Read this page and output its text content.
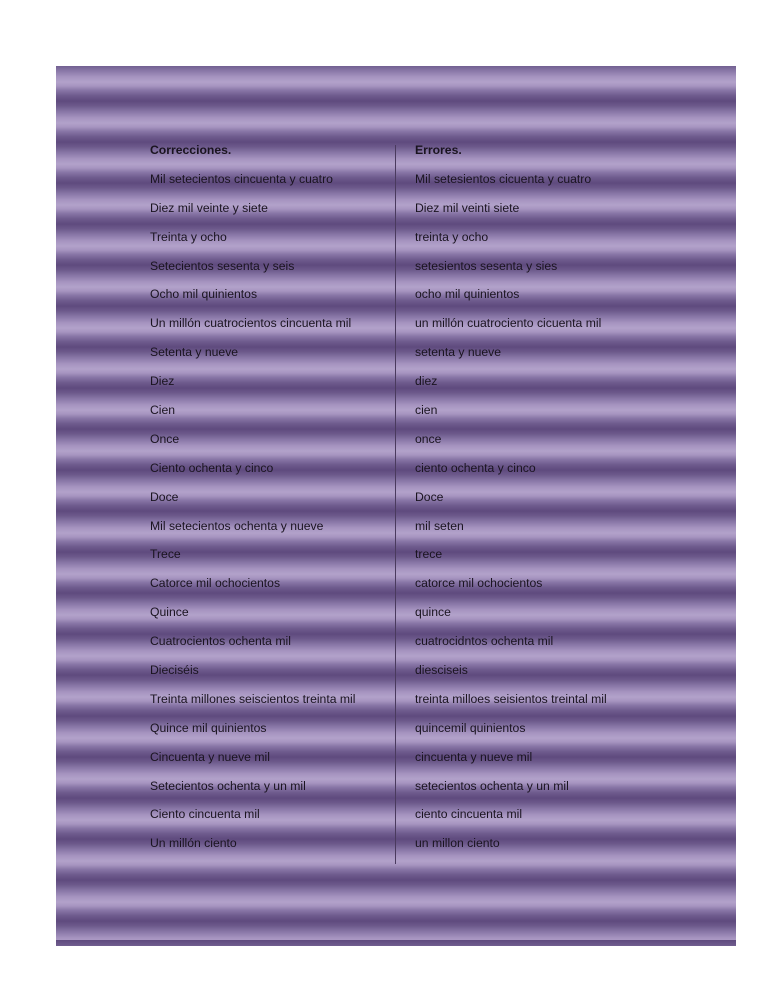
Correcciones.	Errores.
Mil setecientos cincuenta y cuatro	Mil setesientos cicuenta y cuatro
Diez mil veinte y siete	Diez mil veinti siete
Treinta y ocho	treinta y ocho
Setecientos sesenta y seis	setesientos sesenta y sies
Ocho mil quinientos	ocho mil quinientos
Un millón cuatrocientos cincuenta mil	un millón cuatrociento cicuenta mil
Setenta y nueve	setenta y nueve
Diez	diez
Cien	cien
Once	once
Ciento ochenta y cinco	ciento ochenta y cinco
Doce	Doce
Mil setecientos ochenta y nueve	mil seten
Trece	trece
Catorce mil ochocientos	catorce mil ochocientos
Quince	quince
Cuatrocientos ochenta mil	cuatrocidntos ochenta mil
Dieciséis	diesciseis
Treinta millones seiscientos treinta mil	treinta milloes seisientos treintal mil
Quince mil quinientos	quincemil quinientos
Cincuenta y nueve mil	cincuenta y nueve mil
Setecientos ochenta y un mil	setecientos ochenta y un mil
Ciento cincuenta mil	ciento cincuenta mil
Un millón ciento	un millon ciento
